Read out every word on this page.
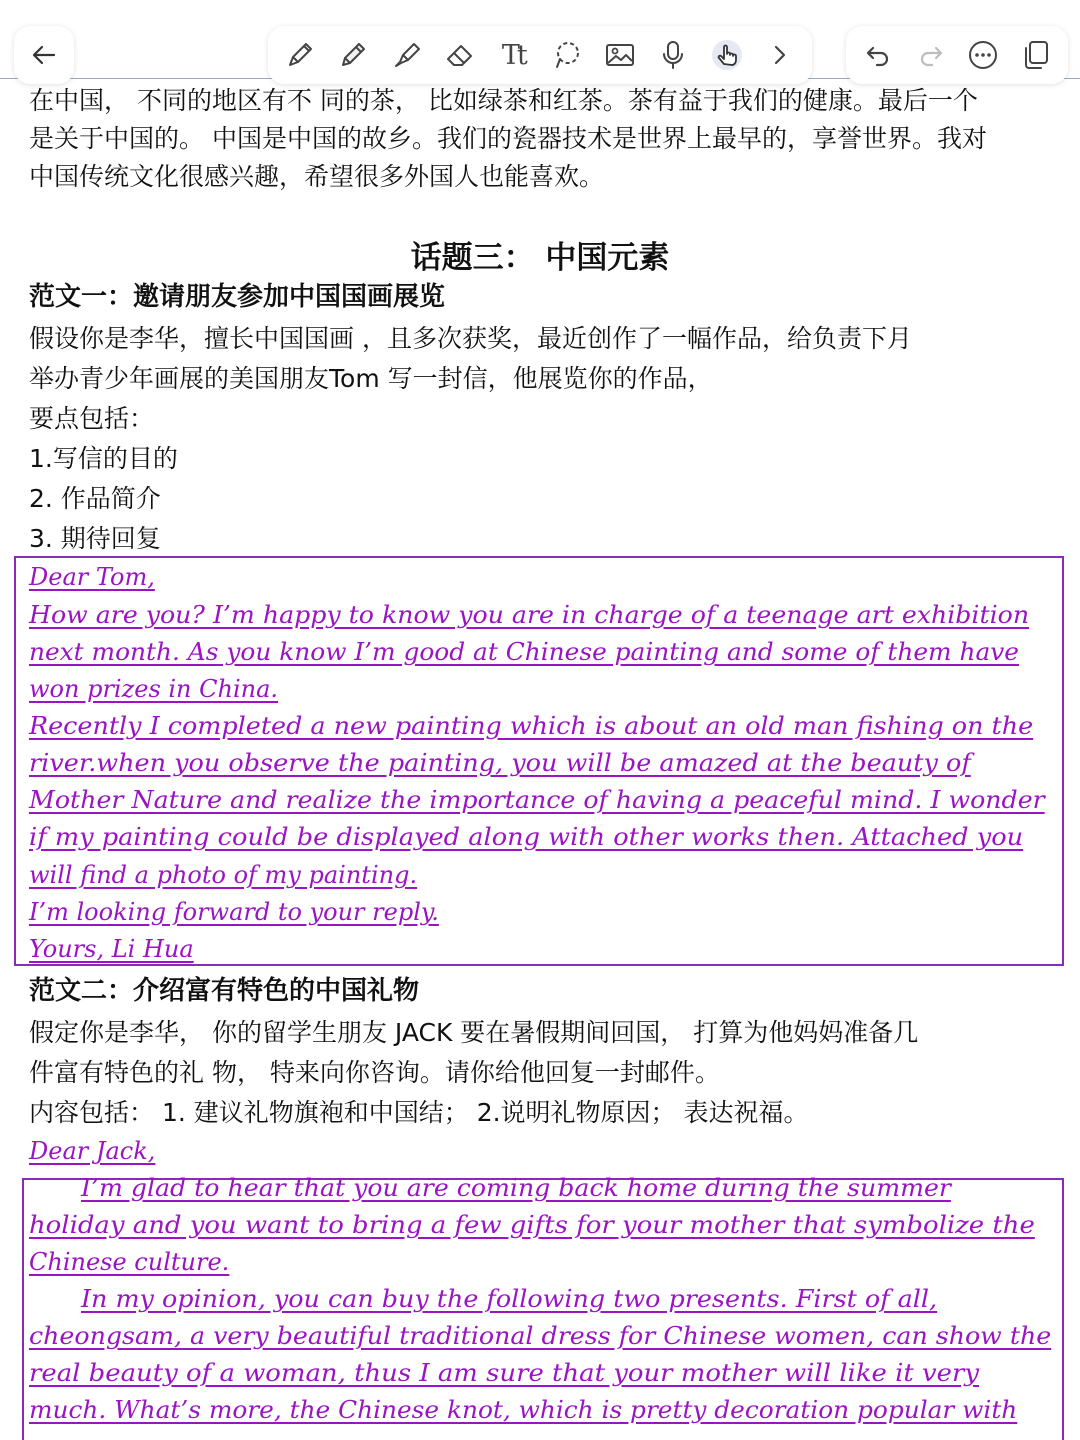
在中国， 不同的地区有不 同的茶， 比如绿茶和红茶。茶有益于我们的健康。最后一个
是关于中国的。 中国是中国的故乡。我们的瓷器技术是世界上最早的，享誉世界。我对
中国传统文化很感兴趣，希望很多外国人也能喜欢。
话题三： 中国元素
范文一：邀请朋友参加中国国画展览
假设你是李华，擅长中国国画 ，且多次获奖，最近创作了一幅作品，给负责下月
举办青少年画展的美国朋友Tom 写一封信，他展览你的作品，
要点包括：
1.写信的目的
2. 作品简介
3. 期待回复
Dear Tom,
How are you? I’m happy to know you are in charge of a teenage art exhibition
next month. As you know I’m good at Chinese painting and some of them have
won prizes in China.
Recently I completed a new painting which is about an old man fishing on the
river.when you observe the painting, you will be amazed at the beauty of
Mother Nature and realize the importance of having a peaceful mind. I wonder
if my painting could be displayed along with other works then. Attached you
will find a photo of my painting.
I’m looking forward to your reply.
Yours, Li Hua
范文二：介绍富有特色的中国礼物
假定你是李华， 你的留学生朋友 JACK 要在暑假期间回国， 打算为他妈妈准备几
件富有特色的礼 物， 特来向你咨询。请你给他回复一封邮件。
内容包括： 1. 建议礼物旗袍和中国结； 2.说明礼物原因； 表达祝福。
Dear Jack,
I’m glad to hear that you are coming back home during the summer
holiday and you want to bring a few gifts for your mother that symbolize the
Chinese culture.
In my opinion, you can buy the following two presents. First of all,
cheongsam, a very beautiful traditional dress for Chinese women, can show the
real beauty of a woman, thus I am sure that your mother will like it very
much. What’s more, the Chinese knot, which is pretty decoration popular with
Tt
